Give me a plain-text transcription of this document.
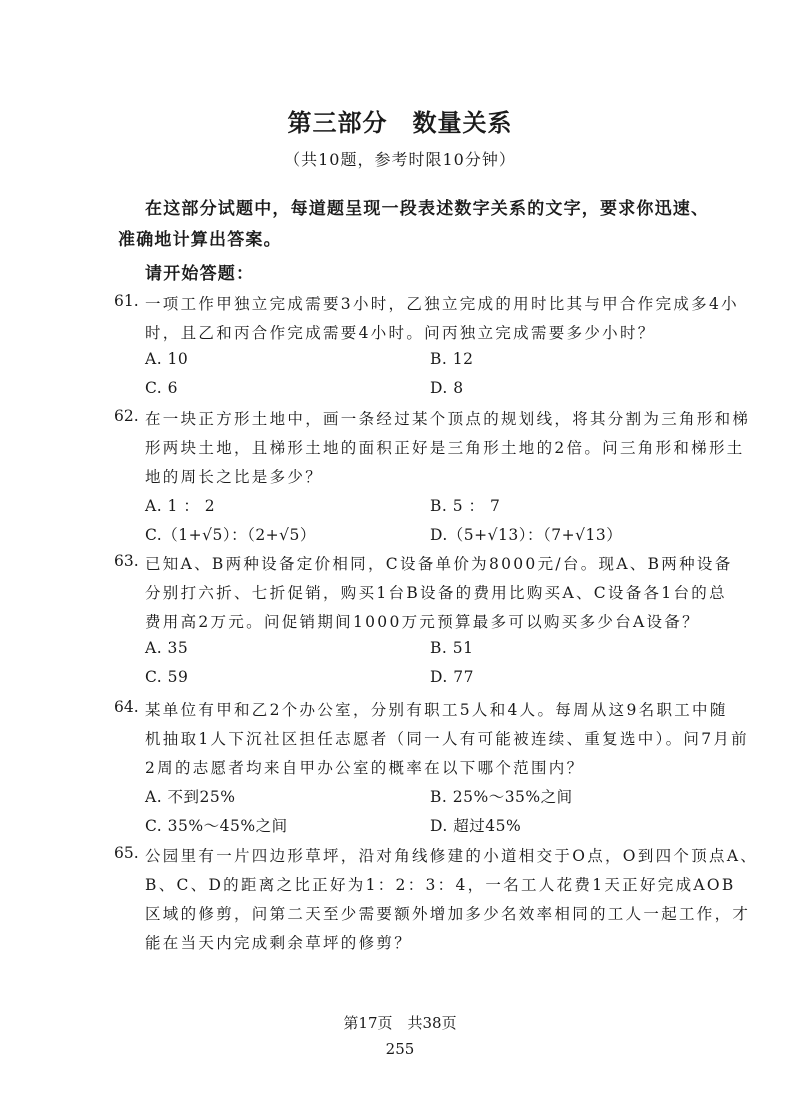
第三部分　数量关系
（共10题，参考时限10分钟）
在这部分试题中，每道题呈现一段表述数字关系的文字，要求你迅速、
准确地计算出答案。
请开始答题：
61. 一项工作甲独立完成需要3小时，乙独立完成的用时比其与甲合作完成多4小
时，且乙和丙合作完成需要4小时。问丙独立完成需要多少小时？
A. 10	B. 12
C. 6	D. 8
62. 在一块正方形土地中，画一条经过某个顶点的规划线，将其分割为三角形和梯
形两块土地，且梯形土地的面积正好是三角形土地的2倍。问三角形和梯形土
地的周长之比是多少？
A. 1 ： 2	B. 5 ： 7
C.（1+√5）：（2+√5）	D.（5+√13）：（7+√13）
63. 已知A、B两种设备定价相同，C设备单价为8000元/台。现A、B两种设备
分别打六折、七折促销，购买1台B设备的费用比购买A、C设备各1台的总
费用高2万元。问促销期间1000万元预算最多可以购买多少台A设备？
A. 35	B. 51
C. 59	D. 77
64. 某单位有甲和乙2个办公室，分别有职工5人和4人。每周从这9名职工中随
机抽取1人下沉社区担任志愿者（同一人有可能被连续、重复选中）。问7月前
2周的志愿者均来自甲办公室的概率在以下哪个范围内？
A. 不到25%	B. 25%～35%之间
C. 35%～45%之间	D. 超过45%
65. 公园里有一片四边形草坪，沿对角线修建的小道相交于O点，O到四个顶点A、
B、C、D的距离之比正好为1：2：3：4，一名工人花费1天正好完成AOB
区域的修剪，问第二天至少需要额外增加多少名效率相同的工人一起工作，才
能在当天内完成剩余草坪的修剪？
第17页　共38页
255
